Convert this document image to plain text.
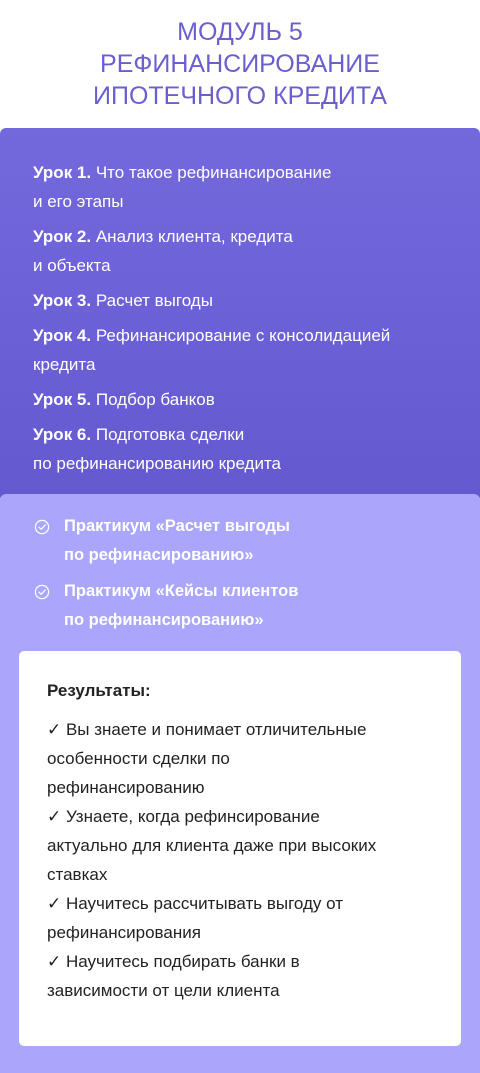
МОДУЛЬ 5
РЕФИНАНСИРОВАНИЕ
ИПОТЕЧНОГО КРЕДИТА
Урок 1. Что такое рефинансирование
и его этапы
Урок 2. Анализ клиента, кредита
и объекта
Урок 3. Расчет выгоды
Урок 4. Рефинансирование с консолидацией
кредита
Урок 5. Подбор банков
Урок 6. Подготовка сделки
по рефинансированию кредита
Практикум «Расчет выгоды
по рефинасированию»
Практикум «Кейсы клиентов
по рефинансированию»
Результаты:
✓ Вы знаете и понимает отличительные
особенности сделки по
рефинансированию
✓ Узнаете, когда рефинсирование
актуально для клиента даже при высоких
ставках
✓ Научитесь рассчитывать выгоду от
рефинансирования
✓ Научитесь подбирать банки в
зависимости от цели клиента
